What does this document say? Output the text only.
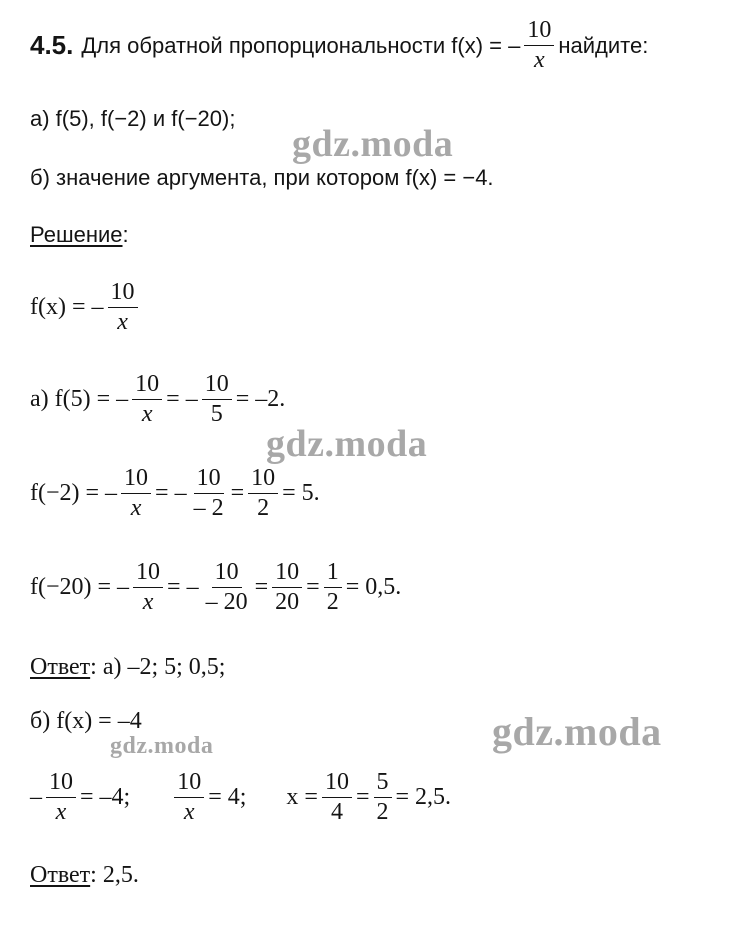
4.5. Для обратной пропорциональности f(x) = – $\frac{10}{x}$ найдите:
а) f(5), f(−2) и f(−20);
б) значение аргумента, при котором f(x) = −4.
Решение :
f(x) = – $\frac{10}{x}$
а) f(5) = – $\frac{10}{x}$ = – $\frac{10}{5} = -2$.
f(−2) = – $\frac{10}{x}$ = – $\frac{10}{- 2} = \frac{10}{2} = 5$.
f(−20) = – $\frac{10}{x}$ = – $\frac{10}{- 20} = \frac{10}{20} = \frac{1}{2} = 0,5$.
Ответ : а) –2; 5; 0,5;
б) f(x) = –4
– $\frac{10}{x} = -4$; $\frac{10}{x} = 4$; $x = \frac{10}{4} = \frac{5}{2} = 2,5$.
Ответ : 2,5.
gdz.moda
gdz.moda
gdz.moda
gdz.moda
